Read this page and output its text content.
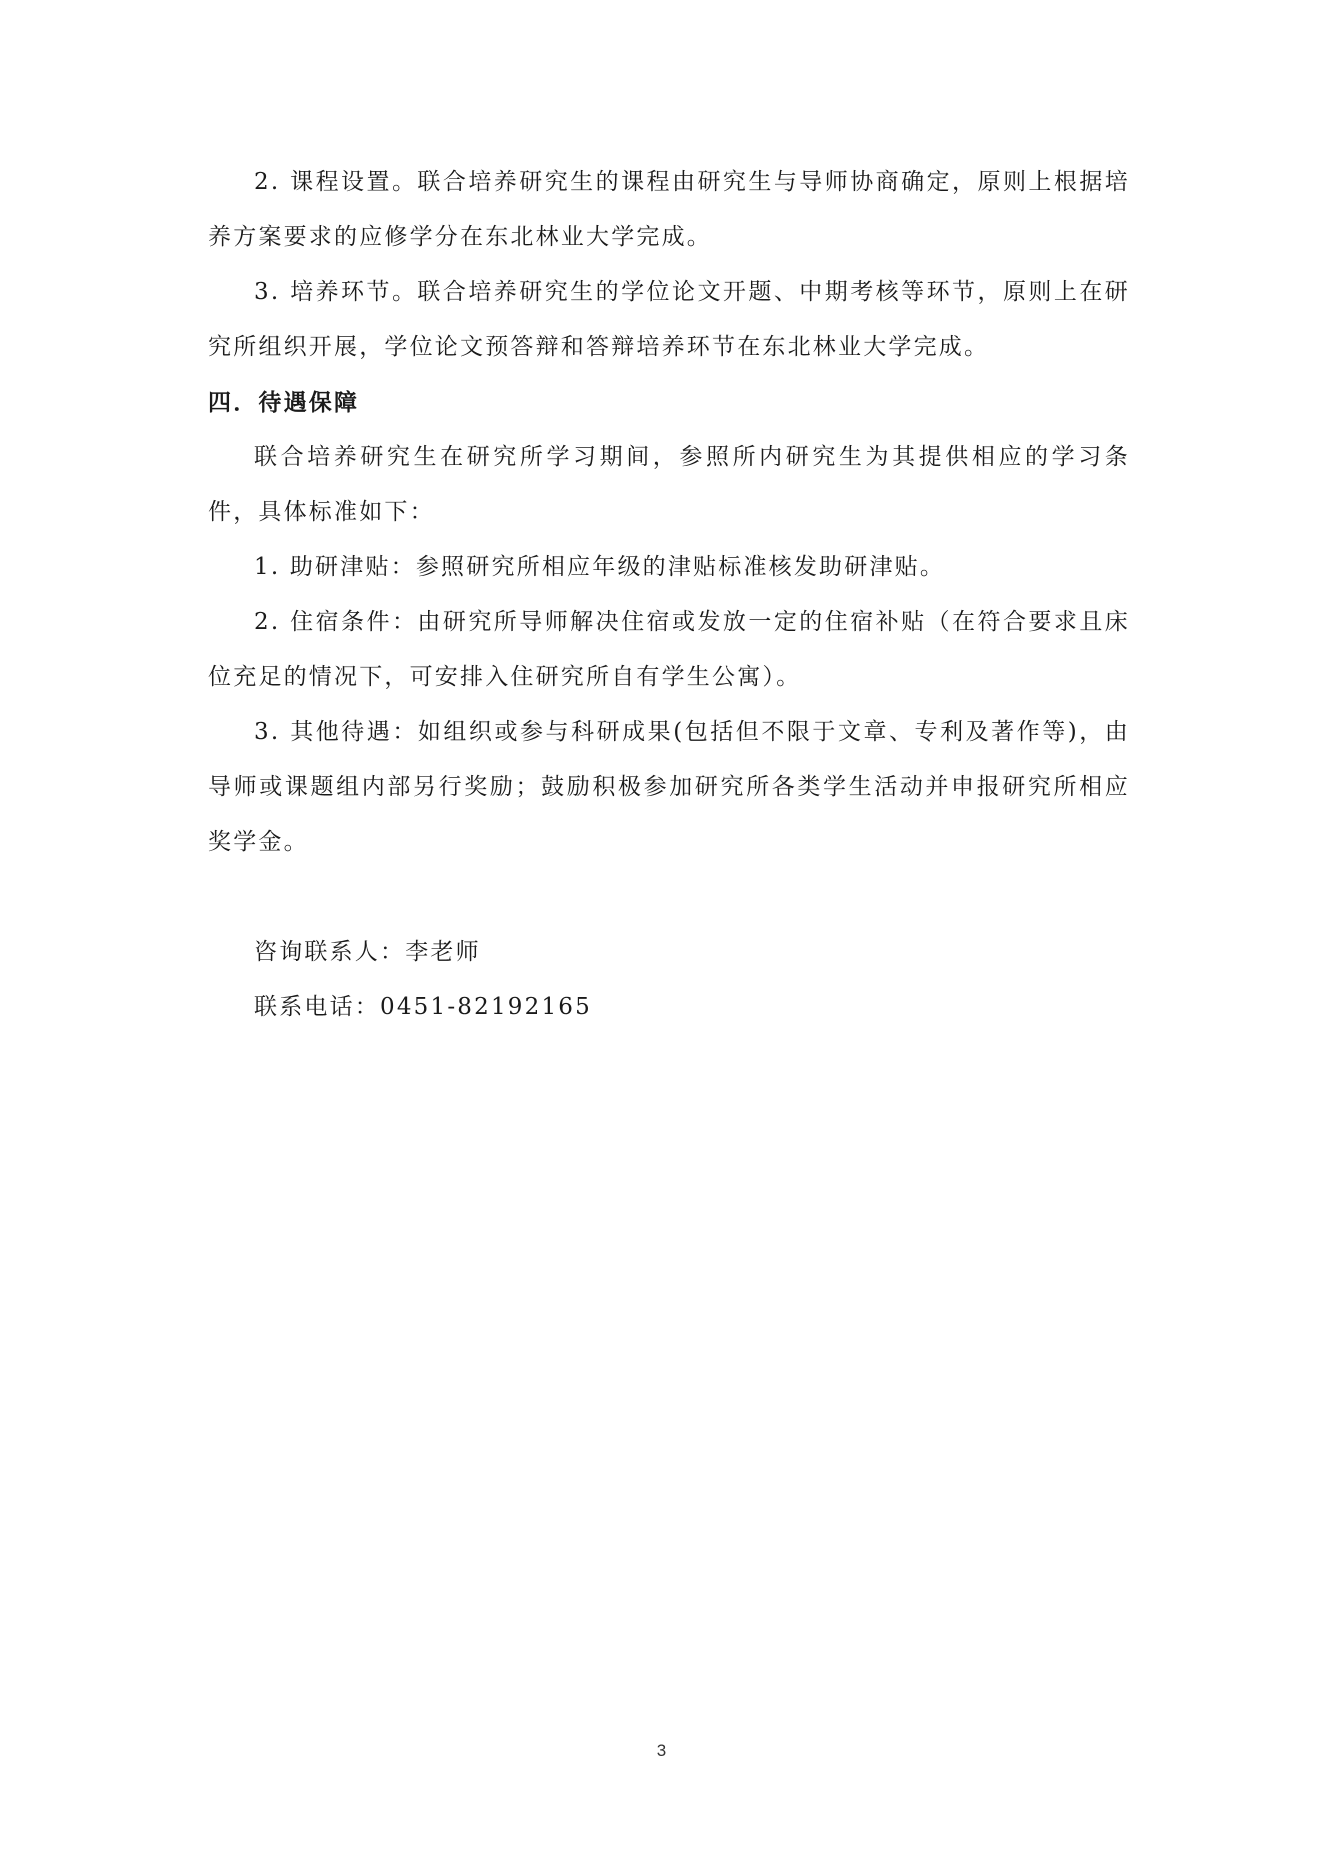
2. 课程设置。联合培养研究生的课程由研究生与导师协商确定，原则上根据培养方案要求的应修学分在东北林业大学完成。

3. 培养环节。联合培养研究生的学位论文开题、中期考核等环节，原则上在研究所组织开展，学位论文预答辩和答辩培养环节在东北林业大学完成。

四．待遇保障

联合培养研究生在研究所学习期间，参照所内研究生为其提供相应的学习条件，具体标准如下：

1. 助研津贴：参照研究所相应年级的津贴标准核发助研津贴。

2. 住宿条件：由研究所导师解决住宿或发放一定的住宿补贴（在符合要求且床位充足的情况下，可安排入住研究所自有学生公寓）。

3. 其他待遇：如组织或参与科研成果(包括但不限于文章、专利及著作等)，由导师或课题组内部另行奖励；鼓励积极参加研究所各类学生活动并申报研究所相应奖学金。

咨询联系人：李老师

联系电话：0451-82192165

3
